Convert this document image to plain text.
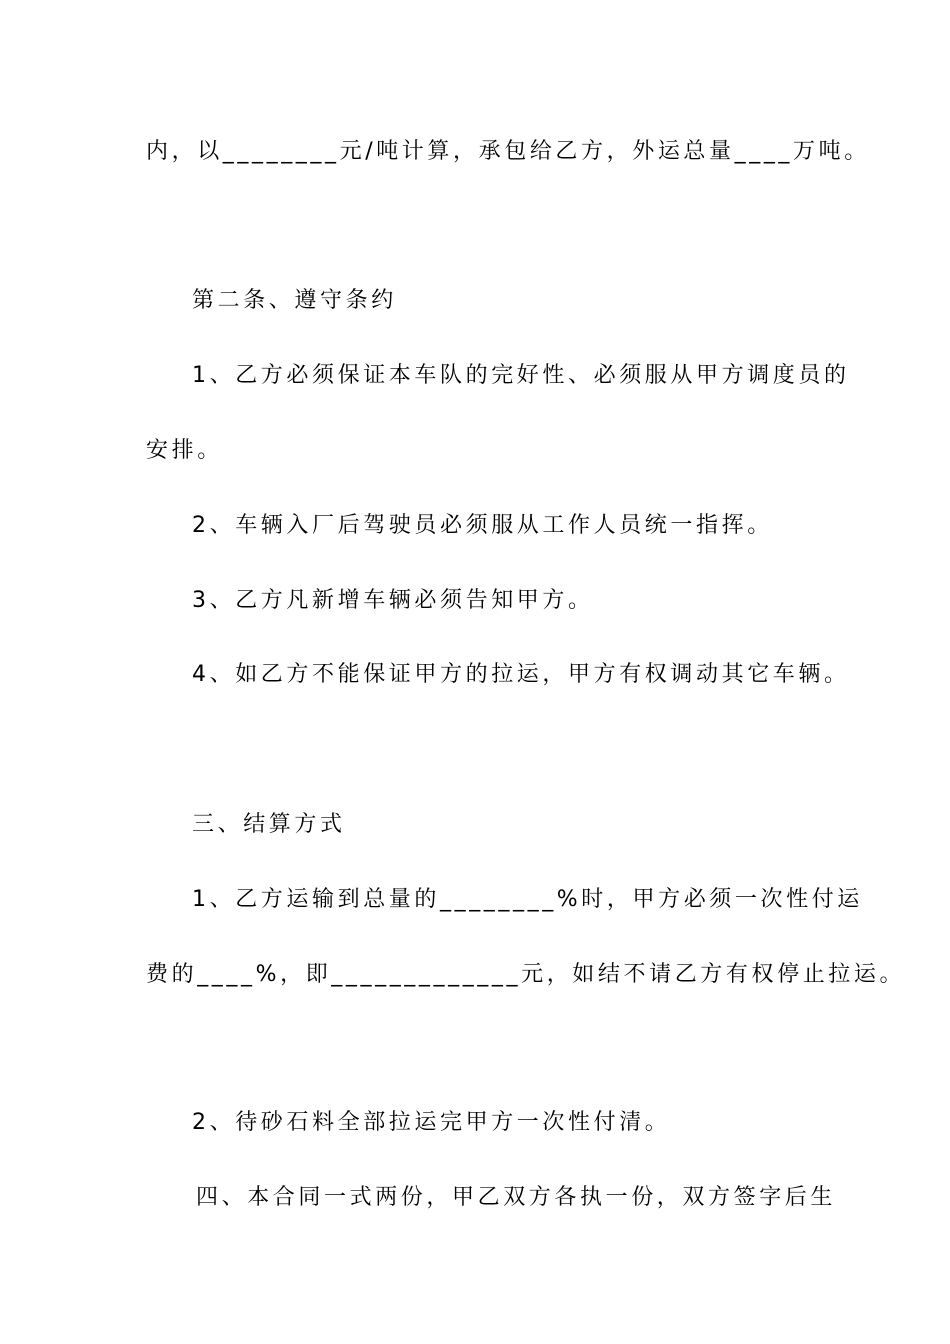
内，以________元/吨计算，承包给乙方，外运总量____万吨。
第二条、遵守条约
1、乙方必须保证本车队的完好性、必须服从甲方调度员的
安排。
2、车辆入厂后驾驶员必须服从工作人员统一指挥。
3、乙方凡新增车辆必须告知甲方。
4、如乙方不能保证甲方的拉运，甲方有权调动其它车辆。
三、结算方式
1、乙方运输到总量的________%时，甲方必须一次性付运
费的____%，即_____________元，如结不请乙方有权停止拉运。
2、待砂石料全部拉运完甲方一次性付清。
四、本合同一式两份，甲乙双方各执一份，双方签字后生
